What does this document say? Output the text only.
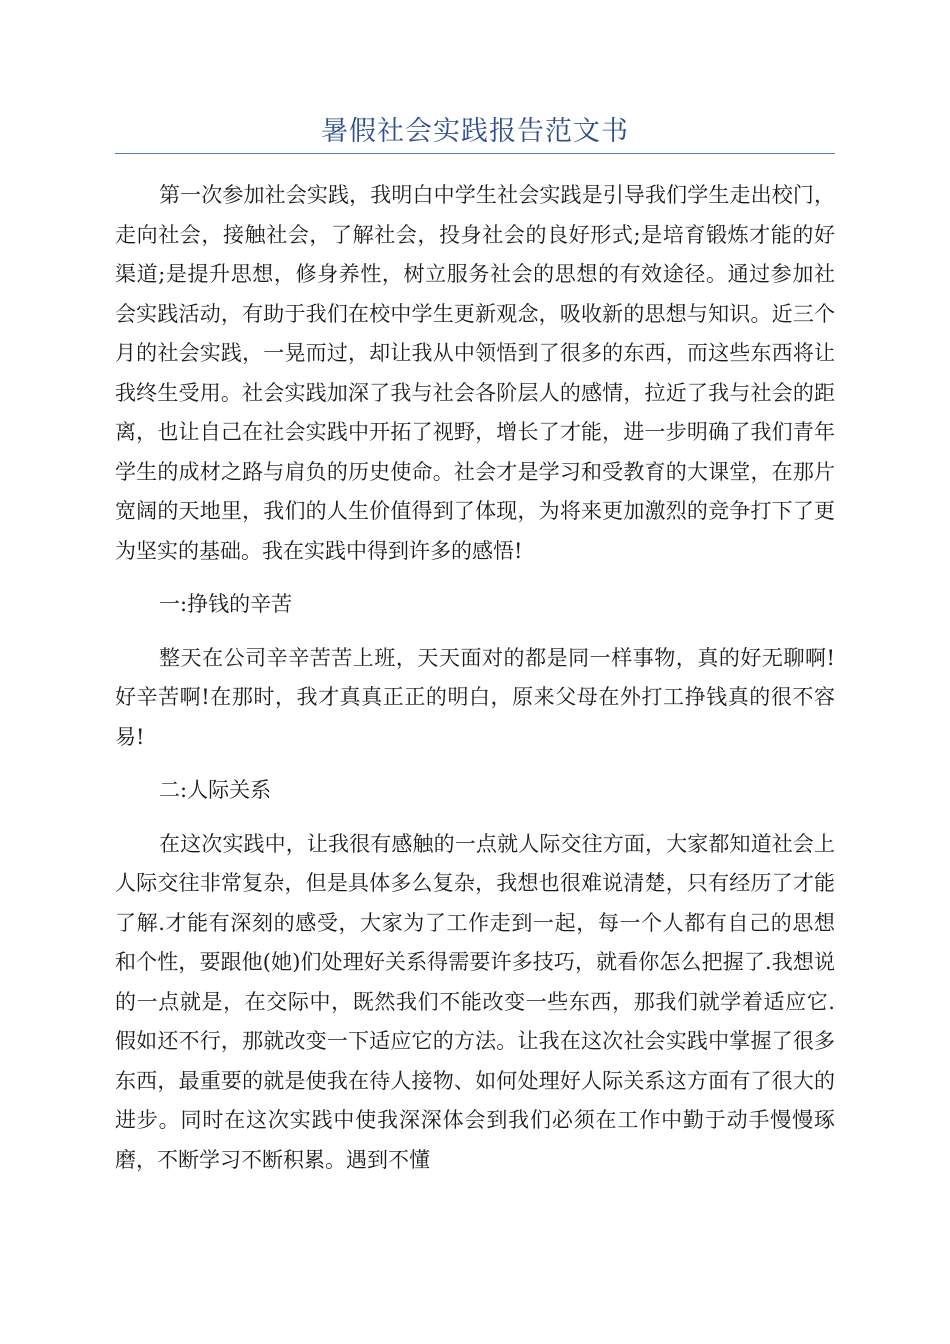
暑假社会实践报告范文书

第一次参加社会实践，我明白中学生社会实践是引导我们学生走出校门，走向社会，接触社会，了解社会，投身社会的良好形式;是培育锻炼才能的好渠道;是提升思想，修身养性，树立服务社会的思想的有效途径。通过参加社会实践活动，有助于我们在校中学生更新观念，吸收新的思想与知识。近三个月的社会实践，一晃而过，却让我从中领悟到了很多的东西，而这些东西将让我终生受用。社会实践加深了我与社会各阶层人的感情，拉近了我与社会的距离，也让自己在社会实践中开拓了视野，增长了才能，进一步明确了我们青年学生的成材之路与肩负的历史使命。社会才是学习和受教育的大课堂，在那片宽阔的天地里，我们的人生价值得到了体现，为将来更加激烈的竞争打下了更为坚实的基础。我在实践中得到许多的感悟!

一:挣钱的辛苦

整天在公司辛辛苦苦上班，天天面对的都是同一样事物，真的好无聊啊!好辛苦啊!在那时，我才真真正正的明白，原来父母在外打工挣钱真的很不容易!

二:人际关系

在这次实践中，让我很有感触的一点就人际交往方面，大家都知道社会上人际交往非常复杂，但是具体多么复杂，我想也很难说清楚，只有经历了才能了解.才能有深刻的感受，大家为了工作走到一起，每一个人都有自己的思想和个性，要跟他(她)们处理好关系得需要许多技巧，就看你怎么把握了.我想说的一点就是，在交际中，既然我们不能改变一些东西，那我们就学着适应它.假如还不行，那就改变一下适应它的方法。让我在这次社会实践中掌握了很多东西，最重要的就是使我在待人接物、如何处理好人际关系这方面有了很大的进步。同时在这次实践中使我深深体会到我们必须在工作中勤于动手慢慢琢磨，不断学习不断积累。遇到不懂
